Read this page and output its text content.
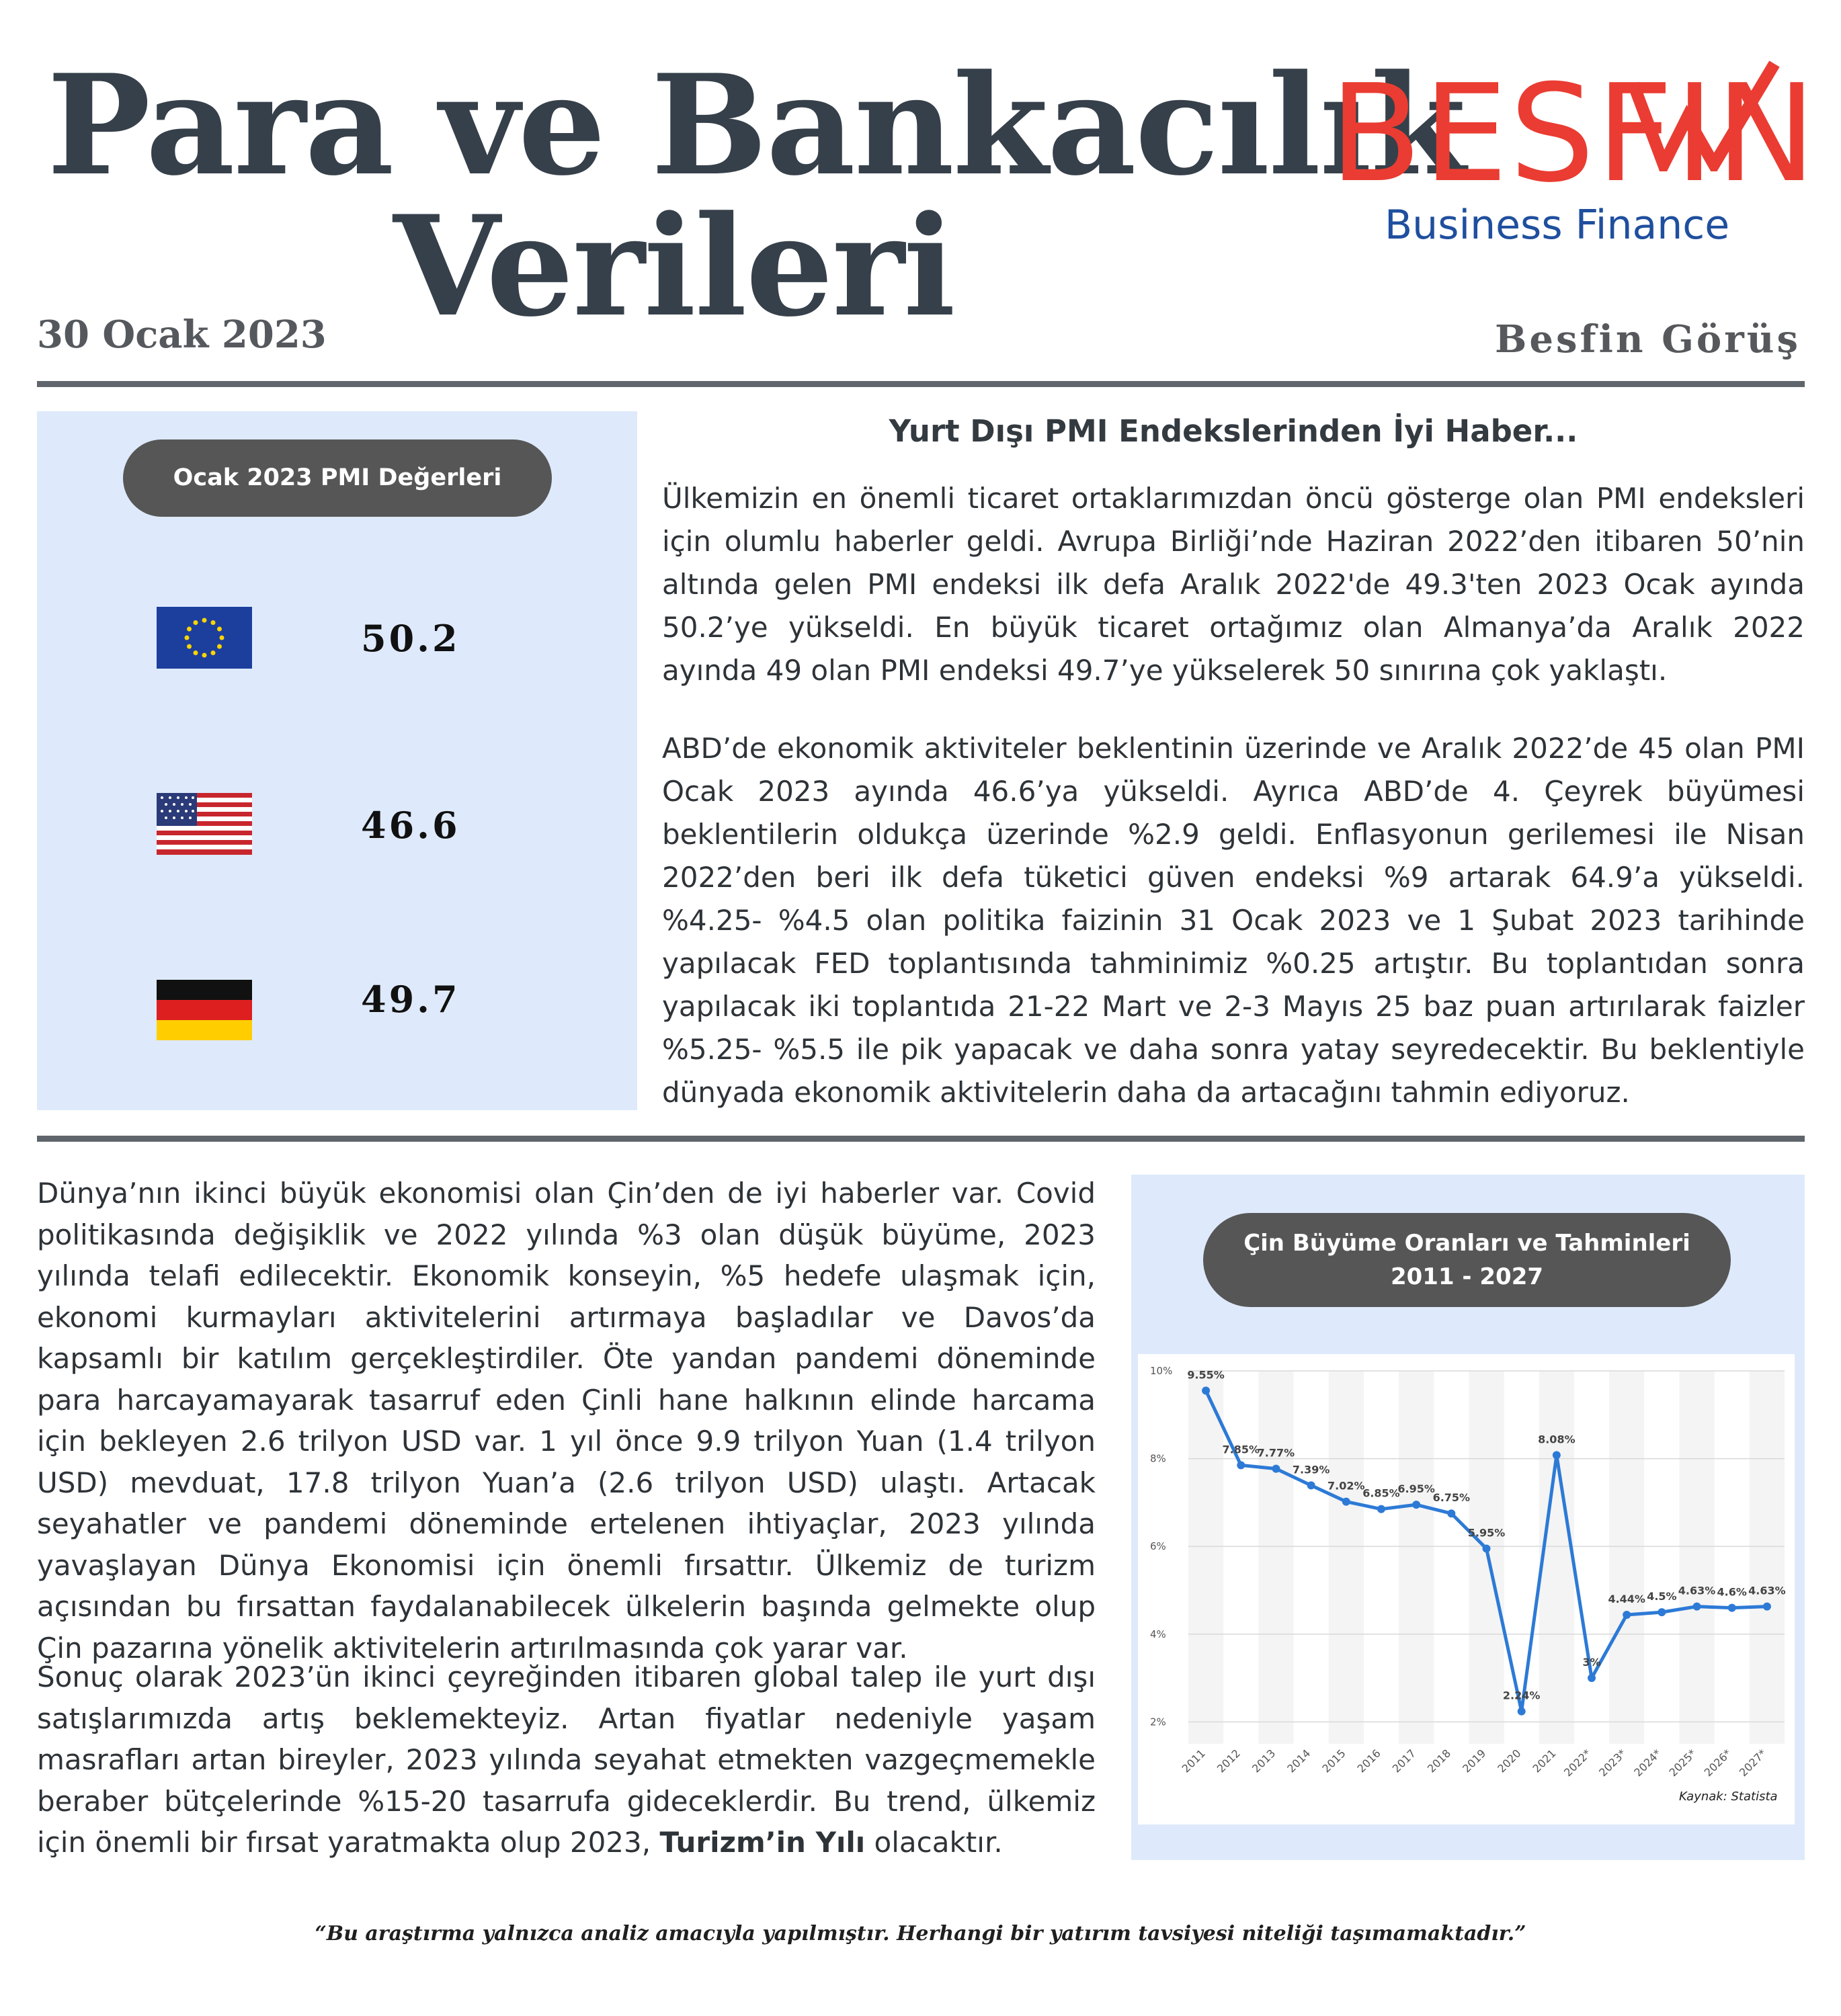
Para ve Bankacılık
Verileri
30 Ocak 2023	Besfin Görüş
BESFIN
Business Finance
Ocak 2023 PMI Değerleri
50.2
46.6
49.7
Yurt Dışı PMI Endekslerinden İyi Haber...
Ülkemizin en önemli ticaret ortaklarımızdan öncü gösterge olan PMI endeksleri için olumlu haberler geldi. Avrupa Birliği’nde Haziran 2022’den itibaren 50’nin altında gelen PMI endeksi ilk defa Aralık 2022'de 49.3'ten 2023 Ocak ayında 50.2’ye yükseldi. En büyük ticaret ortağımız olan Almanya’da Aralık 2022 ayında 49 olan PMI endeksi 49.7’ye yükselerek 50 sınırına çok yaklaştı.
ABD’de ekonomik aktiviteler beklentinin üzerinde ve Aralık 2022’de 45 olan PMI Ocak 2023 ayında 46.6’ya yükseldi. Ayrıca ABD’de 4. Çeyrek büyümesi beklentilerin oldukça üzerinde %2.9 geldi. Enflasyonun gerilemesi ile Nisan 2022’den beri ilk defa tüketici güven endeksi %9 artarak 64.9’a yükseldi. %4.25- %4.5 olan politika faizinin 31 Ocak 2023 ve 1 Şubat 2023 tarihinde yapılacak FED toplantısında tahminimiz %0.25 artıştır. Bu toplantıdan sonra yapılacak iki toplantıda 21-22 Mart ve 2-3 Mayıs 25 baz puan artırılarak faizler %5.25- %5.5 ile pik yapacak ve daha sonra yatay seyredecektir. Bu beklentiyle dünyada ekonomik aktivitelerin daha da artacağını tahmin ediyoruz.
Dünya’nın ikinci büyük ekonomisi olan Çin’den de iyi haberler var. Covid politikasında değişiklik ve 2022 yılında %3 olan düşük büyüme, 2023 yılında telafi edilecektir. Ekonomik konseyin, %5 hedefe ulaşmak için, ekonomi kurmayları aktivitelerini artırmaya başladılar ve Davos’da kapsamlı bir katılım gerçekleştirdiler. Öte yandan pandemi döneminde para harcayamayarak tasarruf eden Çinli hane halkının elinde harcama için bekleyen 2.6 trilyon USD var. 1 yıl önce 9.9 trilyon Yuan (1.4 trilyon USD) mevduat, 17.8 trilyon Yuan’a (2.6 trilyon USD) ulaştı. Artacak seyahatler ve pandemi döneminde ertelenen ihtiyaçlar, 2023 yılında yavaşlayan Dünya Ekonomisi için önemli fırsattır. Ülkemiz de turizm açısından bu fırsattan faydalanabilecek ülkelerin başında gelmekte olup Çin pazarına yönelik aktivitelerin artırılmasında çok yarar var.
Sonuç olarak 2023’ün ikinci çeyreğinden itibaren global talep ile yurt dışı satışlarımızda artış beklemekteyiz. Artan fiyatlar nedeniyle yaşam masrafları artan bireyler, 2023 yılında seyahat etmekten vazgeçmemekle beraber bütçelerinde %15-20 tasarrufa gideceklerdir. Bu trend, ülkemiz için önemli bir fırsat yaratmakta olup 2023, Turizm’in Yılı olacaktır.
Çin Büyüme Oranları ve Tahminleri
2011 - 2027
2%
4%
6%
8%
10%
2011 2012 2013 2014 2015 2016 2017 2018 2019 2020 2021 2022* 2023* 2024* 2025* 2026* 2027*
9.55%
7.85%
7.77%
7.39%
7.02%
6.85%
6.95%
6.75%
5.95%
2.24%
8.08%
3%
4.44% 4.5% 4.63% 4.6% 4.63%
Kaynak: Statista
“Bu araştırma yalnızca analiz amacıyla yapılmıştır. Herhangi bir yatırım tavsiyesi niteliği taşımamaktadır.”
